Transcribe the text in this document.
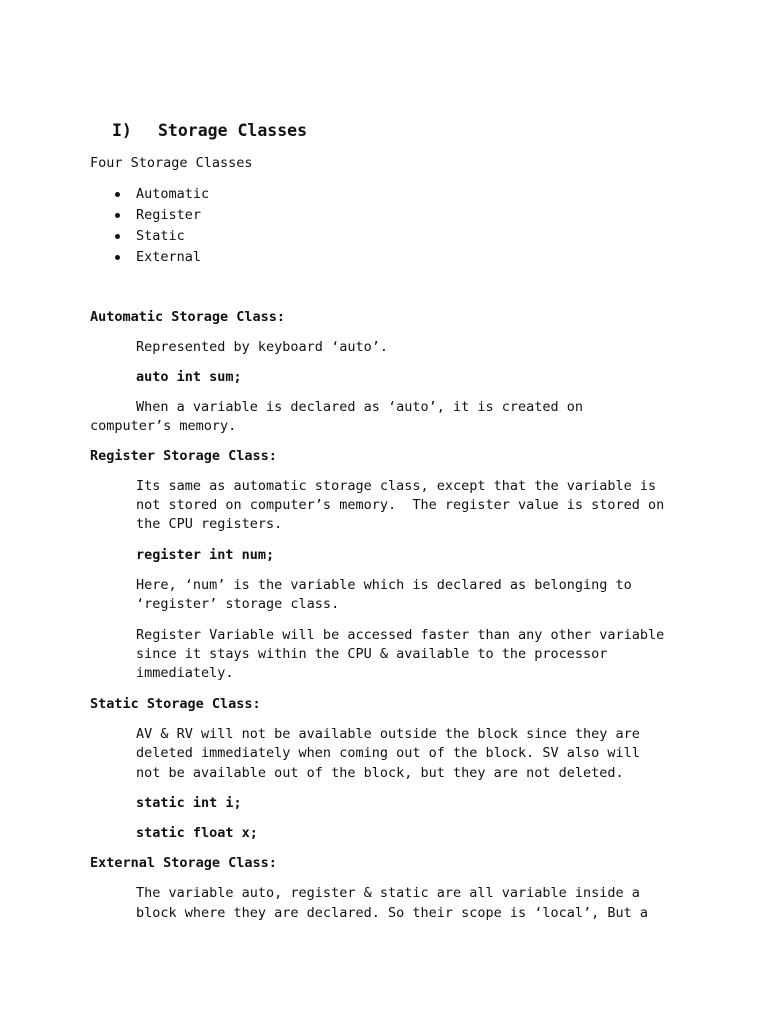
I) Storage Classes
Four Storage Classes
Automatic
Register
Static
External
Automatic Storage Class:
Represented by keyboard ‘auto’.
auto int sum;
When a variable is declared as ‘auto’, it is created on
computer’s memory.
Register Storage Class:
Its same as automatic storage class, except that the variable is
not stored on computer’s memory.  The register value is stored on
the CPU registers.
register int num;
Here, ‘num’ is the variable which is declared as belonging to
‘register’ storage class.
Register Variable will be accessed faster than any other variable
since it stays within the CPU & available to the processor
immediately.
Static Storage Class:
AV & RV will not be available outside the block since they are
deleted immediately when coming out of the block. SV also will
not be available out of the block, but they are not deleted.
static int i;
static float x;
External Storage Class:
The variable auto, register & static are all variable inside a
block where they are declared. So their scope is ‘local’, But a
